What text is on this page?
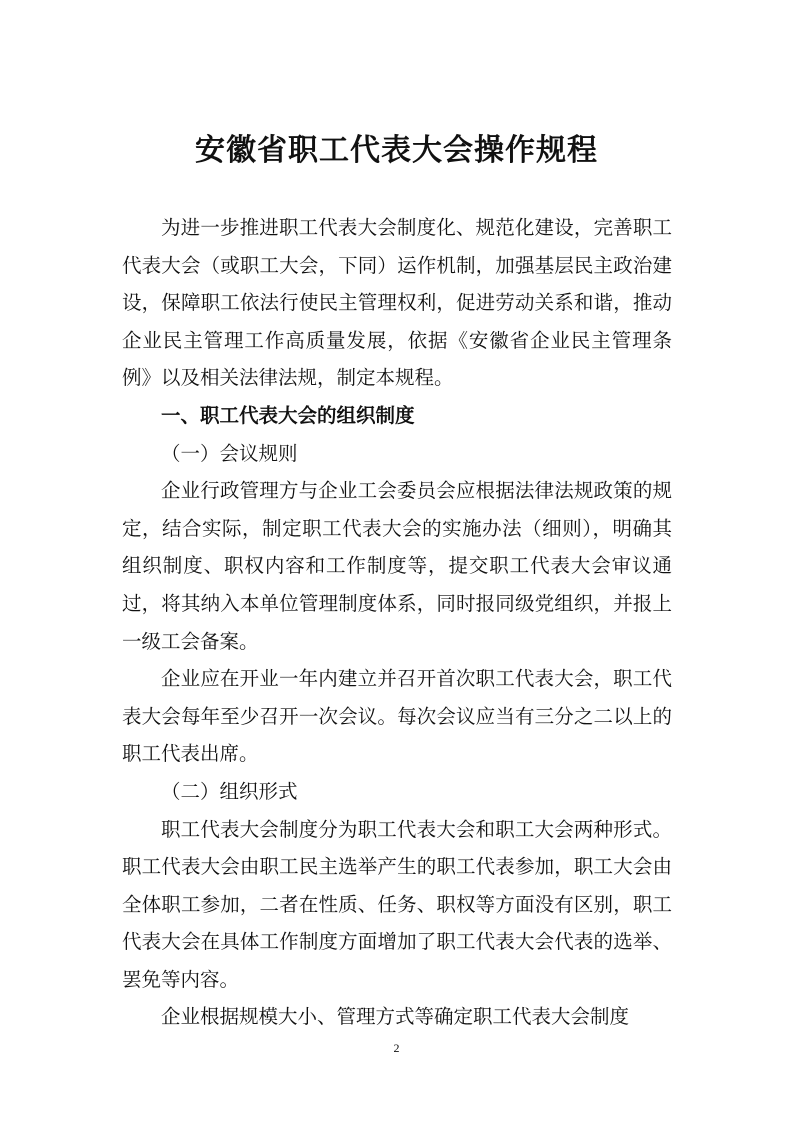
安徽省职工代表大会操作规程

为进一步推进职工代表大会制度化、规范化建设，完善职工代表大会（或职工大会，下同）运作机制，加强基层民主政治建设，保障职工依法行使民主管理权利，促进劳动关系和谐，推动企业民主管理工作高质量发展，依据《安徽省企业民主管理条例》以及相关法律法规，制定本规程。

一、职工代表大会的组织制度

（一）会议规则

企业行政管理方与企业工会委员会应根据法律法规政策的规定，结合实际，制定职工代表大会的实施办法（细则），明确其组织制度、职权内容和工作制度等，提交职工代表大会审议通过，将其纳入本单位管理制度体系，同时报同级党组织，并报上一级工会备案。

企业应在开业一年内建立并召开首次职工代表大会，职工代表大会每年至少召开一次会议。每次会议应当有三分之二以上的职工代表出席。

（二）组织形式

职工代表大会制度分为职工代表大会和职工大会两种形式。职工代表大会由职工民主选举产生的职工代表参加，职工大会由全体职工参加，二者在性质、任务、职权等方面没有区别，职工代表大会在具体工作制度方面增加了职工代表大会代表的选举、罢免等内容。

企业根据规模大小、管理方式等确定职工代表大会制度

2
